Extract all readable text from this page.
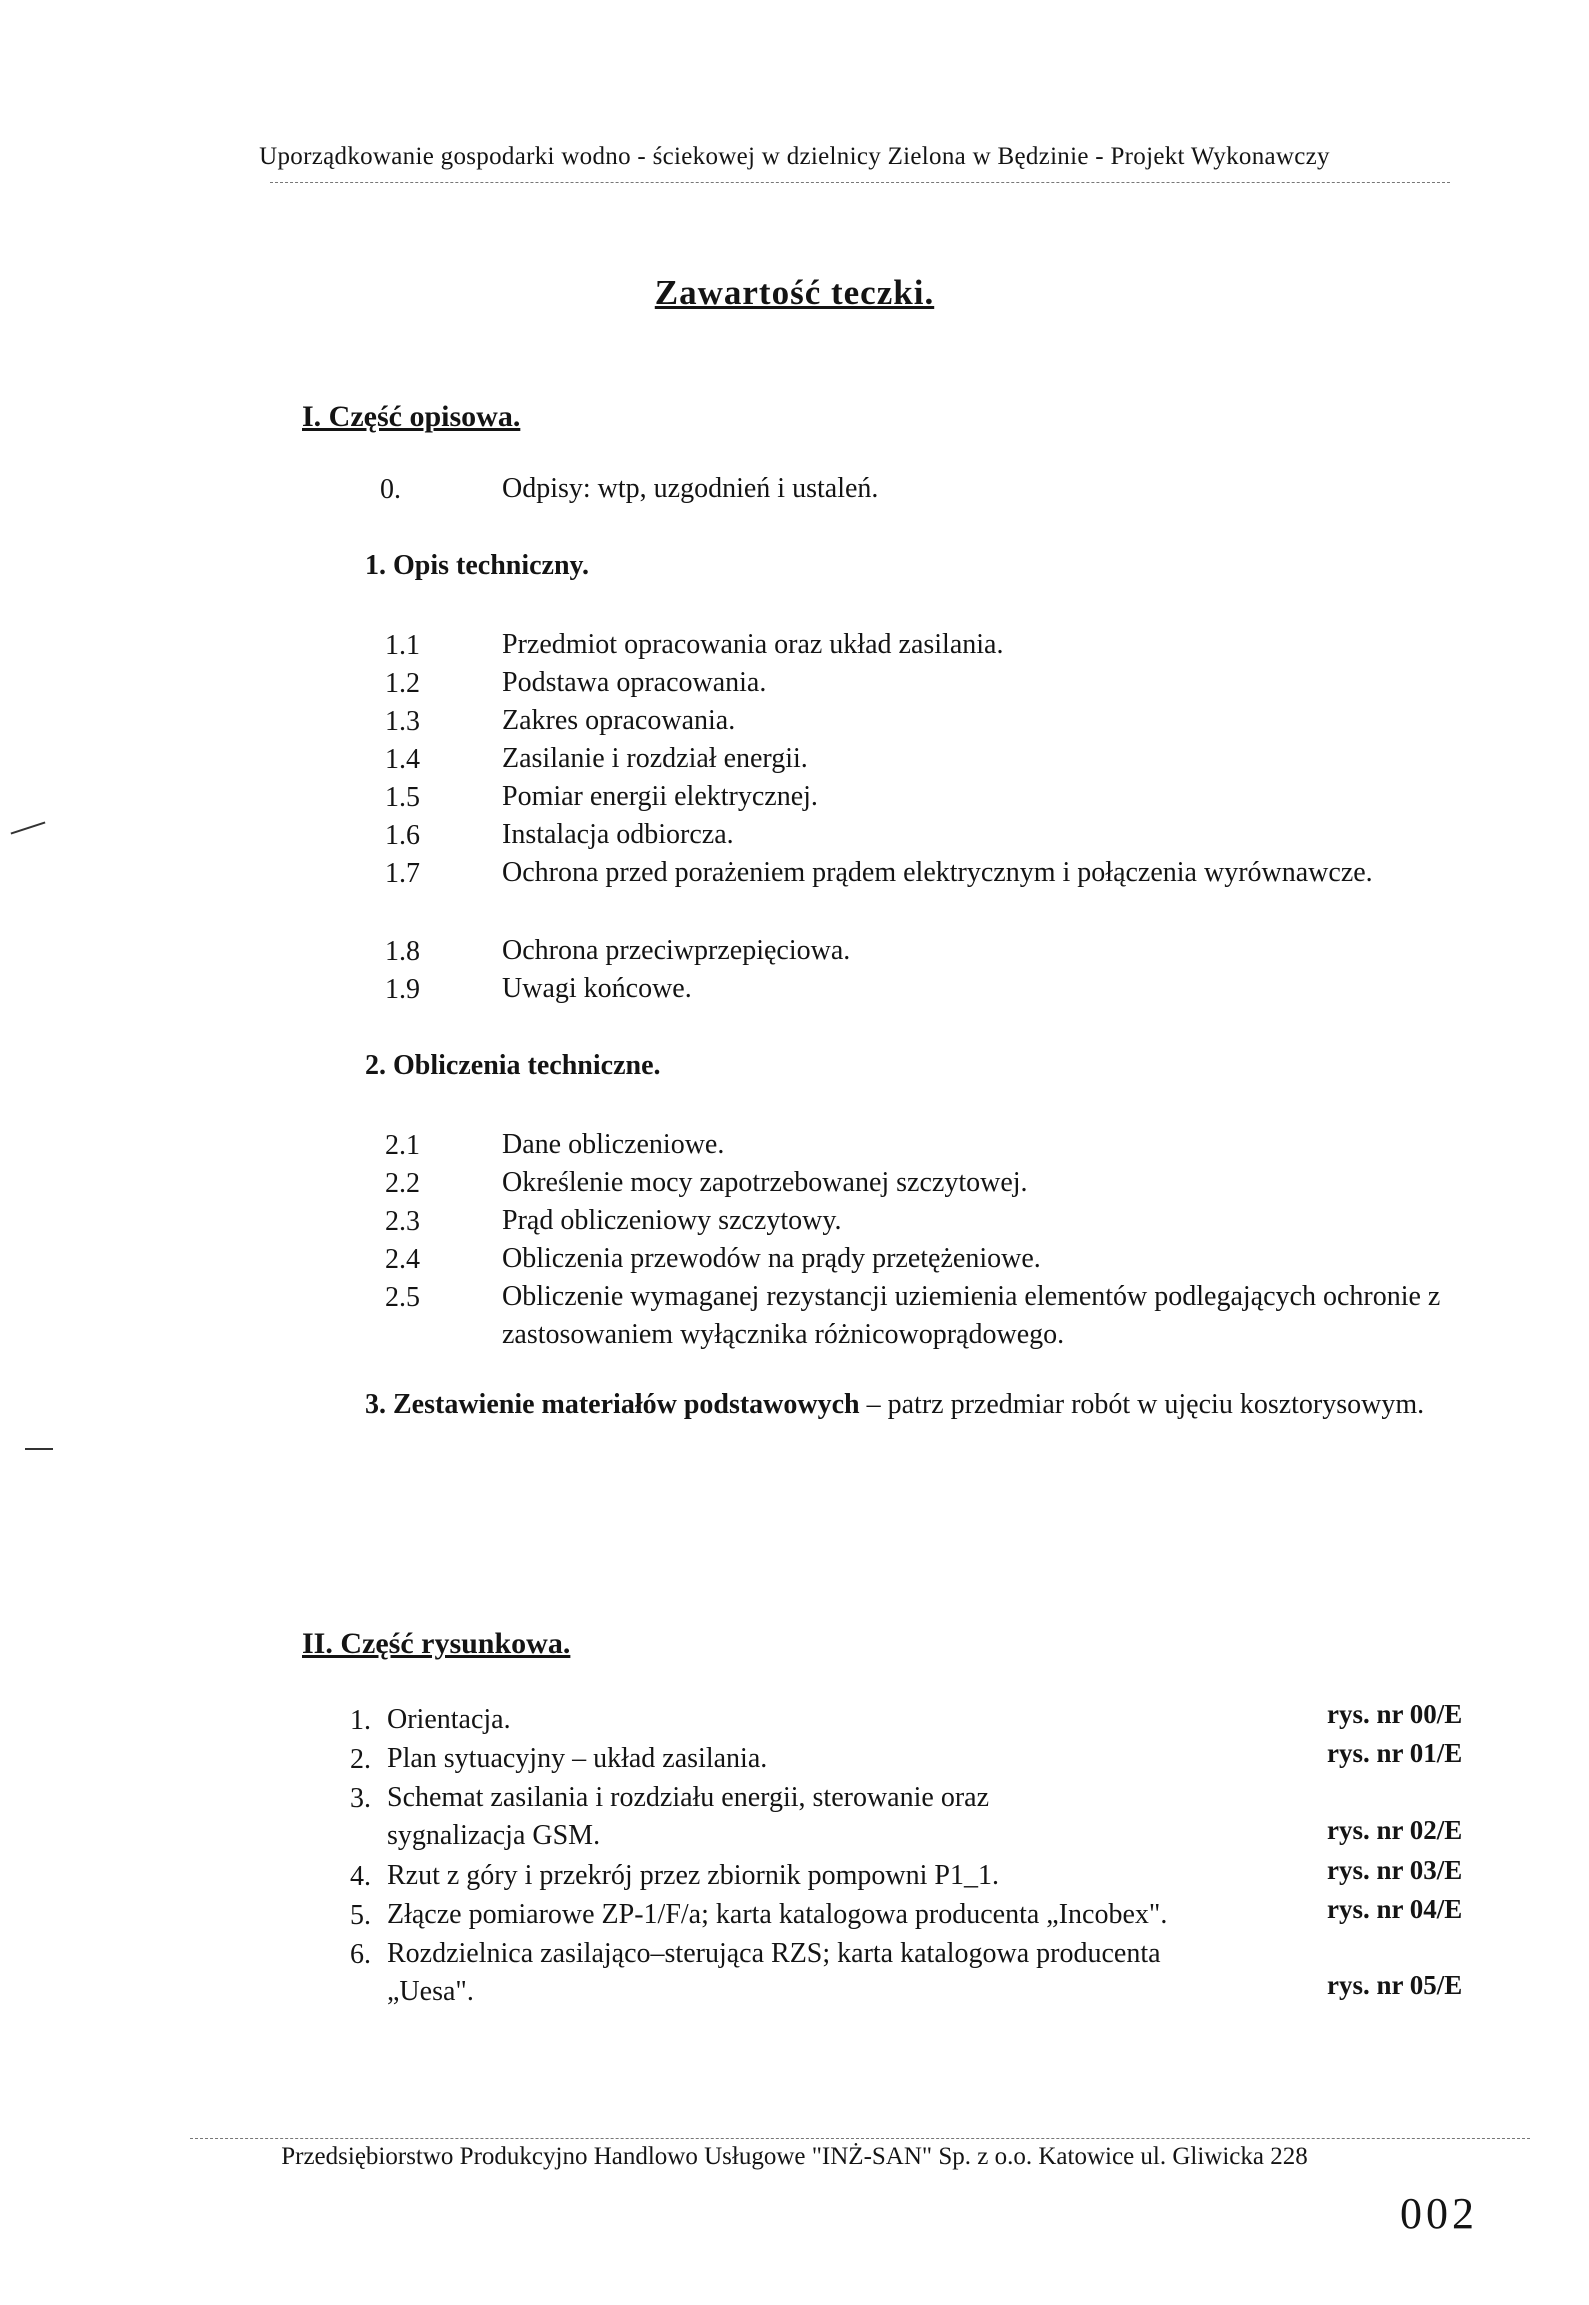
Uporządkowanie gospodarki wodno - ściekowej w dzielnicy Zielona w Będzinie - Projekt Wykonawczy
Zawartość teczki.
I. Część opisowa.
0.	Odpisy: wtp, uzgodnień i ustaleń.
1. Opis techniczny.
1.1	Przedmiot opracowania oraz układ zasilania.
1.2	Podstawa opracowania.
1.3	Zakres opracowania.
1.4	Zasilanie i rozdział energii.
1.5	Pomiar energii elektrycznej.
1.6	Instalacja odbiorcza.
1.7	Ochrona przed porażeniem prądem elektrycznym i połączenia wyrównawcze.
1.8	Ochrona przeciwprzepięciowa.
1.9	Uwagi końcowe.
2. Obliczenia techniczne.
2.1	Dane obliczeniowe.
2.2	Określenie mocy zapotrzebowanej szczytowej.
2.3	Prąd obliczeniowy szczytowy.
2.4	Obliczenia przewodów na prądy przetężeniowe.
2.5	Obliczenie wymaganej rezystancji uziemienia elementów podlegających ochronie z zastosowaniem wyłącznika różnicowoprądowego.
3. Zestawienie materiałów podstawowych – patrz przedmiar robót w ujęciu kosztorysowym.
II. Część rysunkowa.
1. Orientacja.	rys. nr 00/E
2. Plan sytuacyjny – układ zasilania.	rys. nr 01/E
3. Schemat zasilania i rozdziału energii, sterowanie oraz sygnalizacja GSM.	rys. nr 02/E
4. Rzut z góry i przekrój przez zbiornik pompowni P1_1.	rys. nr 03/E
5. Złącze pomiarowe ZP-1/F/a; karta katalogowa producenta „Incobex".	rys. nr 04/E
6. Rozdzielnica zasilająco–sterująca RZS; karta katalogowa producenta „Uesa".	rys. nr 05/E
Przedsiębiorstwo Produkcyjno Handlowo Usługowe "INŻ-SAN" Sp. z o.o. Katowice ul. Gliwicka 228
002
